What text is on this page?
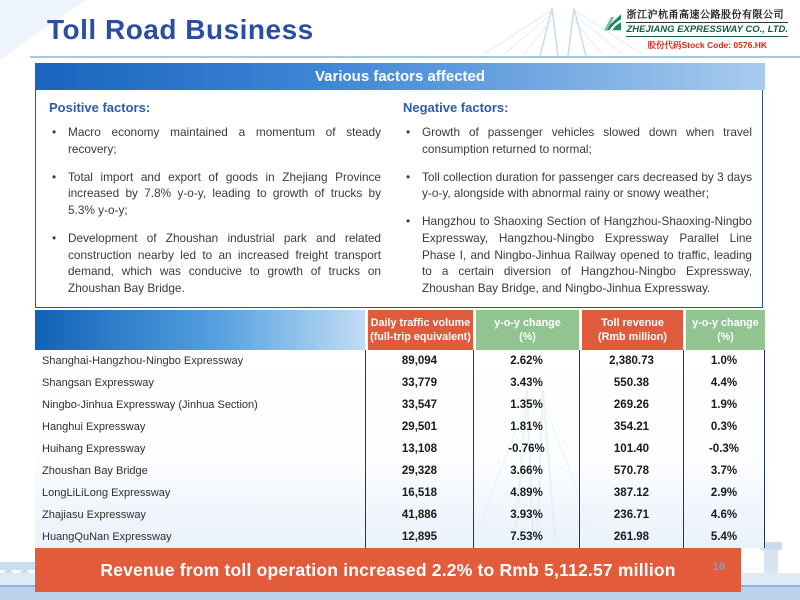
Toll Road Business	浙江沪杭甬高速公路股份有限公司
ZHEJIANG EXPRESSWAY CO., LTD.
股份代码Stock Code: 0576.HK
Various factors affected
Positive factors:
• Macro economy maintained a momentum of steady recovery;
• Total import and export of goods in Zhejiang Province increased by 7.8% y-o-y, leading to growth of trucks by 5.3% y-o-y;
• Development of Zhoushan industrial park and related construction nearby led to an increased freight transport demand, which was conducive to growth of trucks on Zhoushan Bay Bridge.
Negative factors:
• Growth of passenger vehicles slowed down when travel consumption returned to normal;
• Toll collection duration for passenger cars decreased by 3 days y-o-y, alongside with abnormal rainy or snowy weather;
• Hangzhou to Shaoxing Section of Hangzhou-Shaoxing-Ningbo Expressway, Hangzhou-Ningbo Expressway Parallel Line Phase I, and Ningbo-Jinhua Railway opened to traffic, leading to a certain diversion of Hangzhou-Ningbo Expressway, Zhoushan Bay Bridge, and Ningbo-Jinhua Expressway.
Daily traffic volume
(full-trip equivalent)
y-o-y change
(%)
Toll revenue
(Rmb million)
y-o-y change
(%)
Shanghai-Hangzhou-Ningbo Expressway	89,094	2.62%	2,380.73	1.0%
Shangsan Expressway	33,779	3.43%	550.38	4.4%
Ningbo-Jinhua Expressway (Jinhua Section)	33,547	1.35%	269.26	1.9%
Hanghui Expressway	29,501	1.81%	354.21	0.3%
Huihang Expressway	13,108	-0.76%	101.40	-0.3%
Zhoushan Bay Bridge	29,328	3.66%	570.78	3.7%
LongLiLiLong Expressway	16,518	4.89%	387.12	2.9%
Zhajiasu Expressway	41,886	3.93%	236.71	4.6%
HuangQuNan Expressway	12,895	7.53%	261.98	5.4%
Revenue from toll operation increased 2.2% to Rmb 5,112.57 million	10
